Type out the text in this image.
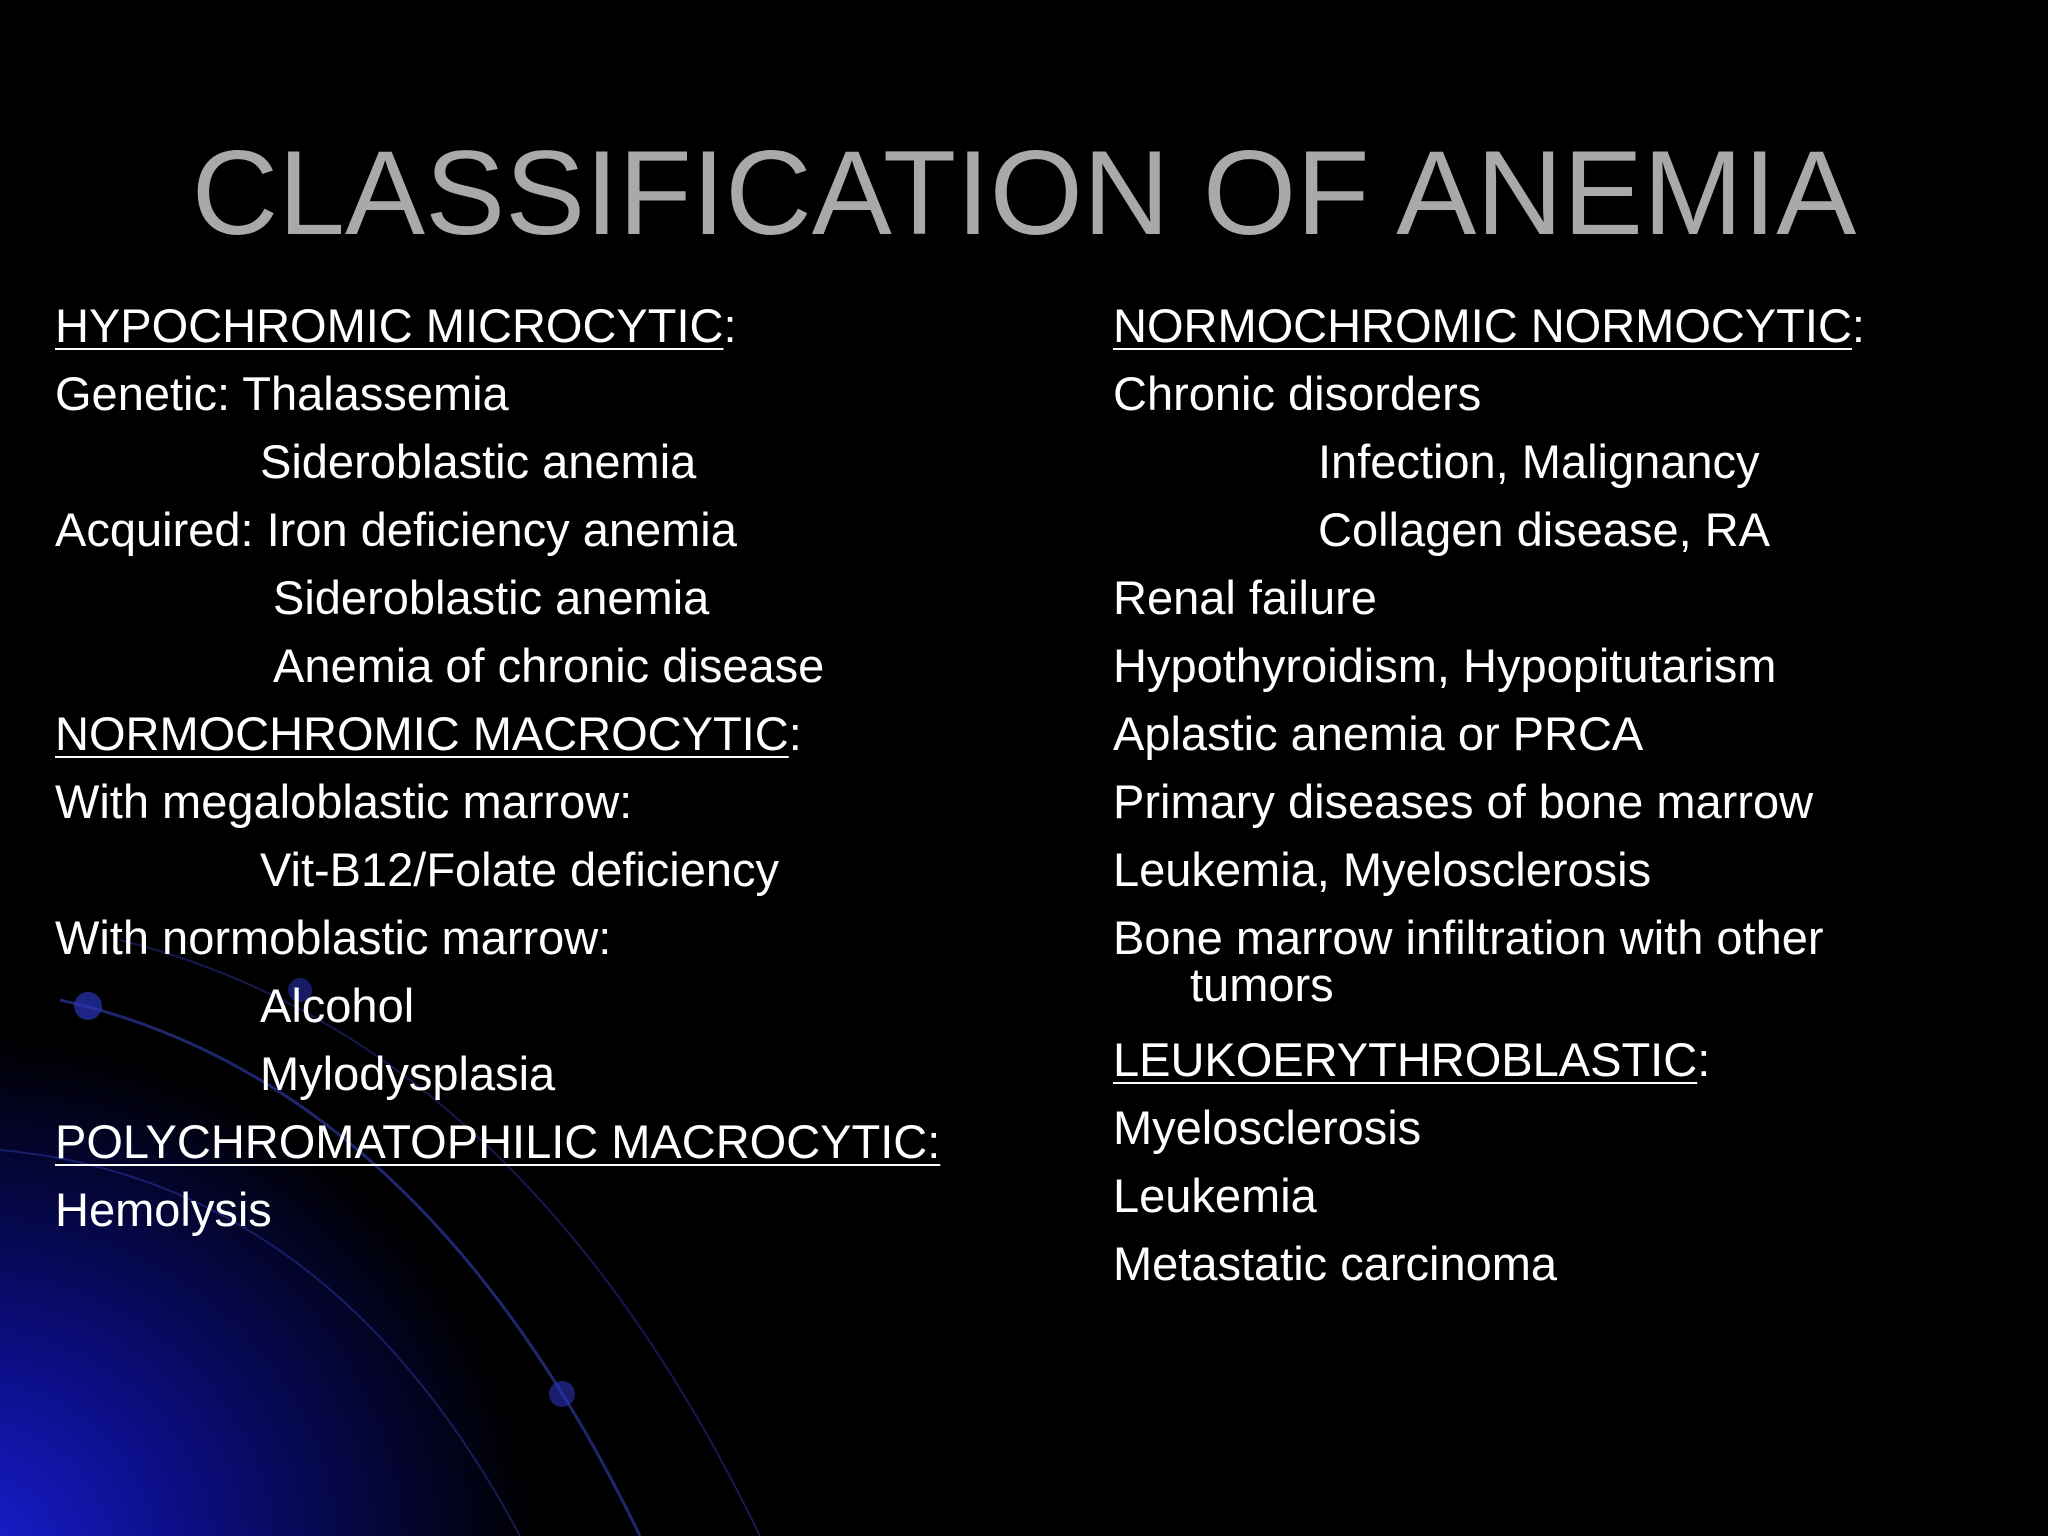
CLASSIFICATION OF ANEMIA
HYPOCHROMIC MICROCYTIC:
Genetic: Thalassemia
Sideroblastic anemia
Acquired: Iron deficiency anemia
Sideroblastic anemia
Anemia of chronic disease
NORMOCHROMIC MACROCYTIC:
With megaloblastic marrow:
Vit-B12/Folate deficiency
With normoblastic marrow:
Alcohol
Mylodysplasia
POLYCHROMATOPHILIC MACROCYTIC:
Hemolysis
NORMOCHROMIC NORMOCYTIC:
Chronic disorders
Infection, Malignancy
Collagen disease, RA
Renal failure
Hypothyroidism, Hypopitutarism
Aplastic anemia or PRCA
Primary diseases of bone marrow
Leukemia, Myelosclerosis
Bone marrow infiltration with other
tumors
LEUKOERYTHROBLASTIC:
Myelosclerosis
Leukemia
Metastatic carcinoma
